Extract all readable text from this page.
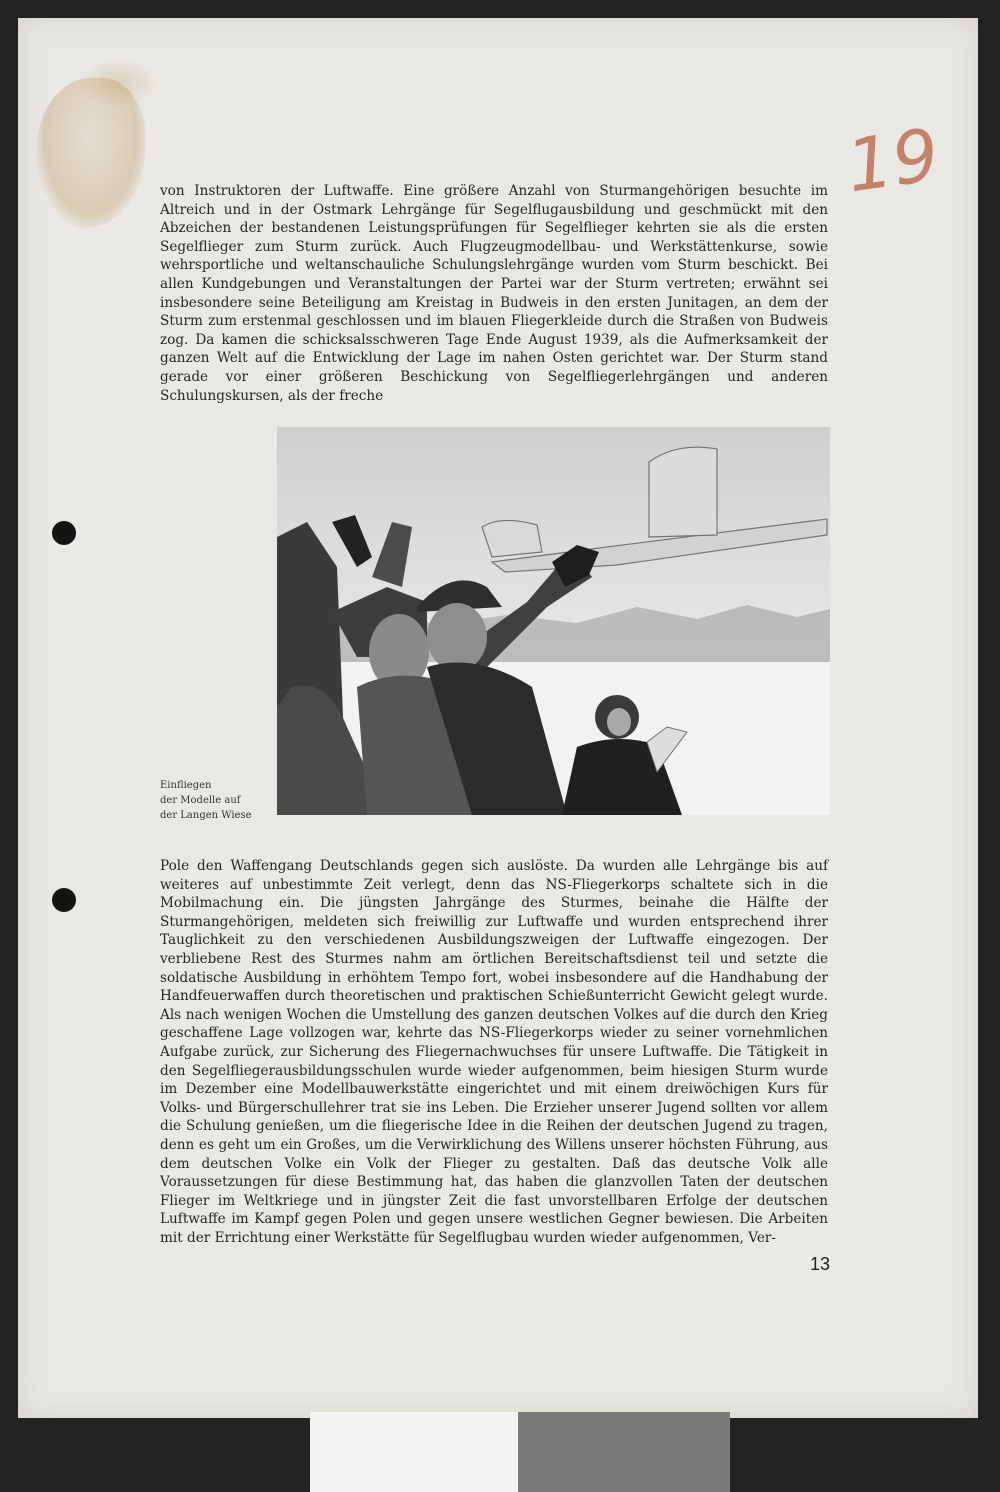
19

von Instruktoren der Luftwaffe. Eine größere Anzahl von Sturmangehörigen besuchte im Altreich und in der Ostmark Lehrgänge für Segelflugausbildung und geschmückt mit den Abzeichen der bestandenen Leistungsprüfungen für Segelflieger kehrten sie als die ersten Segelflieger zum Sturm zurück. Auch Flugzeugmodellbau- und Werkstättenkurse, sowie wehrsportliche und weltanschauliche Schulungslehrgänge wurden vom Sturm beschickt. Bei allen Kundgebungen und Veranstaltungen der Partei war der Sturm vertreten; erwähnt sei insbesondere seine Beteiligung am Kreistag in Budweis in den ersten Junitagen, an dem der Sturm zum erstenmal geschlossen und im blauen Fliegerkleide durch die Straßen von Budweis zog. Da kamen die schicksalsschweren Tage Ende August 1939, als die Aufmerksamkeit der ganzen Welt auf die Entwicklung der Lage im nahen Osten gerichtet war. Der Sturm stand gerade vor einer größeren Beschickung von Segelfliegerlehrgängen und anderen Schulungskursen, als der freche

Einfliegen
der Modelle auf
der Langen Wiese

Pole den Waffengang Deutschlands gegen sich auslöste. Da wurden alle Lehrgänge bis auf weiteres auf unbestimmte Zeit verlegt, denn das NS-Fliegerkorps schaltete sich in die Mobilmachung ein. Die jüngsten Jahrgänge des Sturmes, beinahe die Hälfte der Sturmangehörigen, meldeten sich freiwillig zur Luftwaffe und wurden entsprechend ihrer Tauglichkeit zu den verschiedenen Ausbildungszweigen der Luftwaffe eingezogen. Der verbliebene Rest des Sturmes nahm am örtlichen Bereitschaftsdienst teil und setzte die soldatische Ausbildung in erhöhtem Tempo fort, wobei insbesondere auf die Handhabung der Handfeuerwaffen durch theoretischen und praktischen Schießunterricht Gewicht gelegt wurde. Als nach wenigen Wochen die Umstellung des ganzen deutschen Volkes auf die durch den Krieg geschaffene Lage vollzogen war, kehrte das NS-Fliegerkorps wieder zu seiner vornehmlichen Aufgabe zurück, zur Sicherung des Fliegernachwuchses für unsere Luftwaffe. Die Tätigkeit in den Segelfliegerausbildungsschulen wurde wieder aufgenommen, beim hiesigen Sturm wurde im Dezember eine Modellbauwerkstätte eingerichtet und mit einem dreiwöchigen Kurs für Volks- und Bürgerschullehrer trat sie ins Leben. Die Erzieher unserer Jugend sollten vor allem die Schulung genießen, um die fliegerische Idee in die Reihen der deutschen Jugend zu tragen, denn es geht um ein Großes, um die Verwirklichung des Willens unserer höchsten Führung, aus dem deutschen Volke ein Volk der Flieger zu gestalten. Daß das deutsche Volk alle Voraussetzungen für diese Bestimmung hat, das haben die glanzvollen Taten der deutschen Flieger im Weltkriege und in jüngster Zeit die fast unvorstellbaren Erfolge der deutschen Luftwaffe im Kampf gegen Polen und gegen unsere westlichen Gegner bewiesen. Die Arbeiten mit der Errichtung einer Werkstätte für Segelflugbau wurden wieder aufgenommen, Ver-

13
